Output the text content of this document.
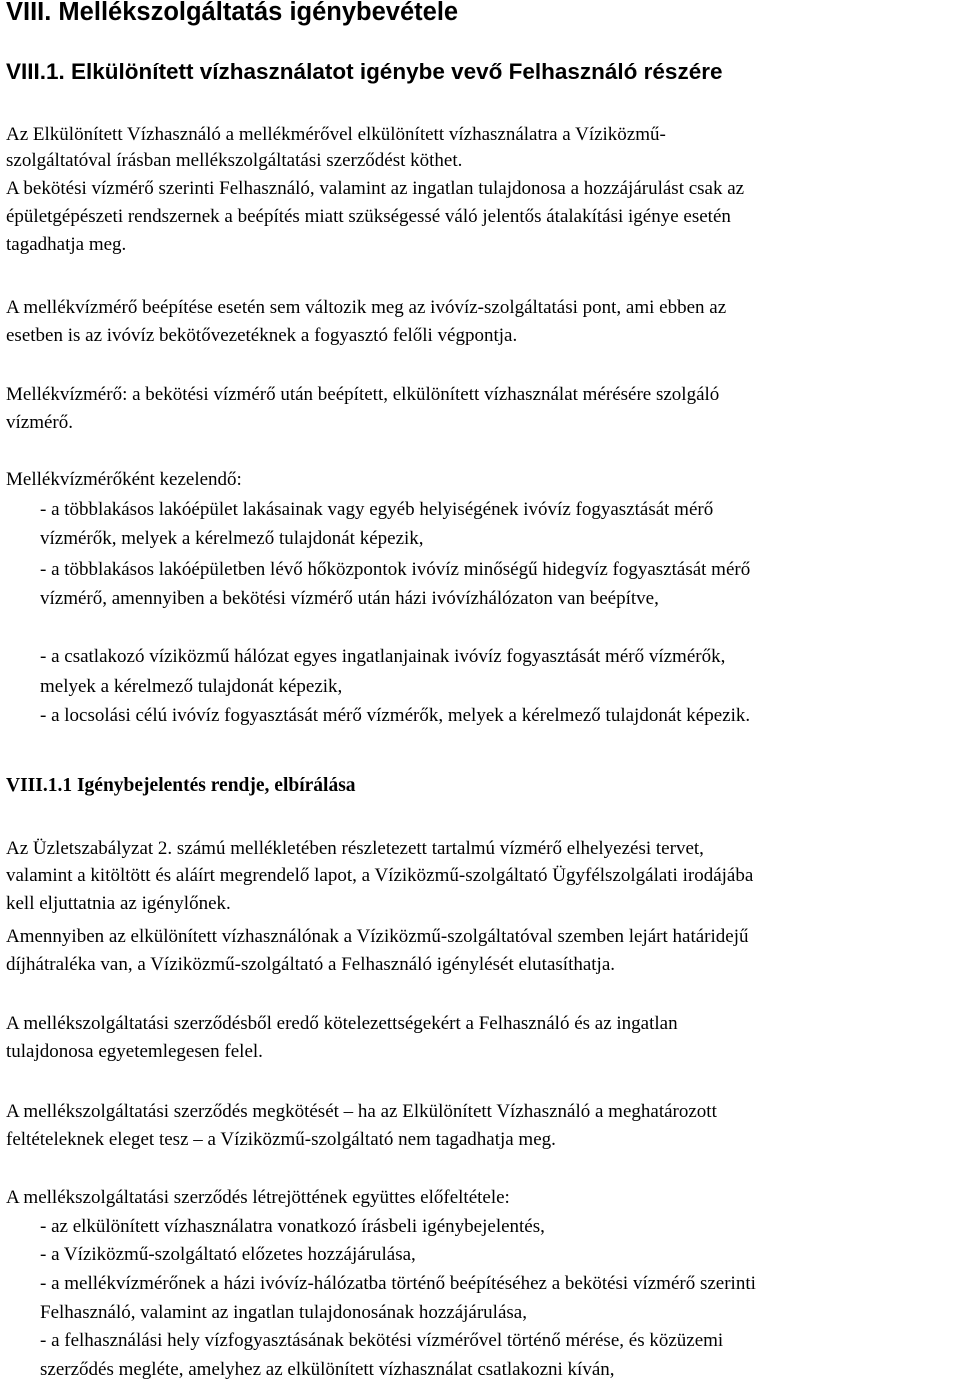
VIII. Mellékszolgáltatás igénybevétele
VIII.1. Elkülönített vízhasználatot igénybe vevő Felhasználó részére

Az Elkülönített Vízhasználó a mellékmérővel elkülönített vízhasználatra a Víziközmű-

szolgáltatóval írásban mellékszolgáltatási szerződést köthet.

A bekötési vízmérő szerinti Felhasználó, valamint az ingatlan tulajdonosa a hozzájárulást csak az

épületgépészeti rendszernek a beépítés miatt szükségessé váló jelentős átalakítási igénye esetén

tagadhatja meg.

A mellékvízmérő beépítése esetén sem változik meg az ivóvíz-szolgáltatási pont, ami ebben az

esetben is az ivóvíz bekötővezetéknek a fogyasztó felőli végpontja.

Mellékvízmérő: a bekötési vízmérő után beépített, elkülönített vízhasználat mérésére szolgáló

vízmérő.

Mellékvízmérőként kezelendő:

- a többlakásos lakóépület lakásainak vagy egyéb helyiségének ivóvíz fogyasztását mérő

vízmérők, melyek a kérelmező tulajdonát képezik,

- a többlakásos lakóépületben lévő hőközpontok ivóvíz minőségű hidegvíz fogyasztását mérő

vízmérő, amennyiben a bekötési vízmérő után házi ivóvízhálózaton van beépítve,

- a csatlakozó víziközmű hálózat egyes ingatlanjainak ivóvíz fogyasztását mérő vízmérők,

melyek a kérelmező tulajdonát képezik,

- a locsolási célú ivóvíz fogyasztását mérő vízmérők, melyek a kérelmező tulajdonát képezik.

VIII.1.1 Igénybejelentés rendje, elbírálása

Az Üzletszabályzat 2. számú mellékletében részletezett tartalmú vízmérő elhelyezési tervet,

valamint a kitöltött és aláírt megrendelő lapot, a Víziközmű-szolgáltató Ügyfélszolgálati irodájába

kell eljuttatnia az igénylőnek.

Amennyiben az elkülönített vízhasználónak a Víziközmű-szolgáltatóval szemben lejárt határidejű

díjhátraléka van, a Víziközmű-szolgáltató a Felhasználó igénylését elutasíthatja.

A mellékszolgáltatási szerződésből eredő kötelezettségekért a Felhasználó és az ingatlan

tulajdonosa egyetemlegesen felel.

A mellékszolgáltatási szerződés megkötését – ha az Elkülönített Vízhasználó a meghatározott

feltételeknek eleget tesz – a Víziközmű-szolgáltató nem tagadhatja meg.

A mellékszolgáltatási szerződés létrejöttének együttes előfeltétele:

- az elkülönített vízhasználatra vonatkozó írásbeli igénybejelentés,

- a Víziközmű-szolgáltató előzetes hozzájárulása,

- a mellékvízmérőnek a házi ivóvíz-hálózatba történő beépítéséhez a bekötési vízmérő szerinti

Felhasználó, valamint az ingatlan tulajdonosának hozzájárulása,

- a felhasználási hely vízfogyasztásának bekötési vízmérővel történő mérése, és közüzemi

szerződés megléte, amelyhez az elkülönített vízhasználat csatlakozni kíván,
